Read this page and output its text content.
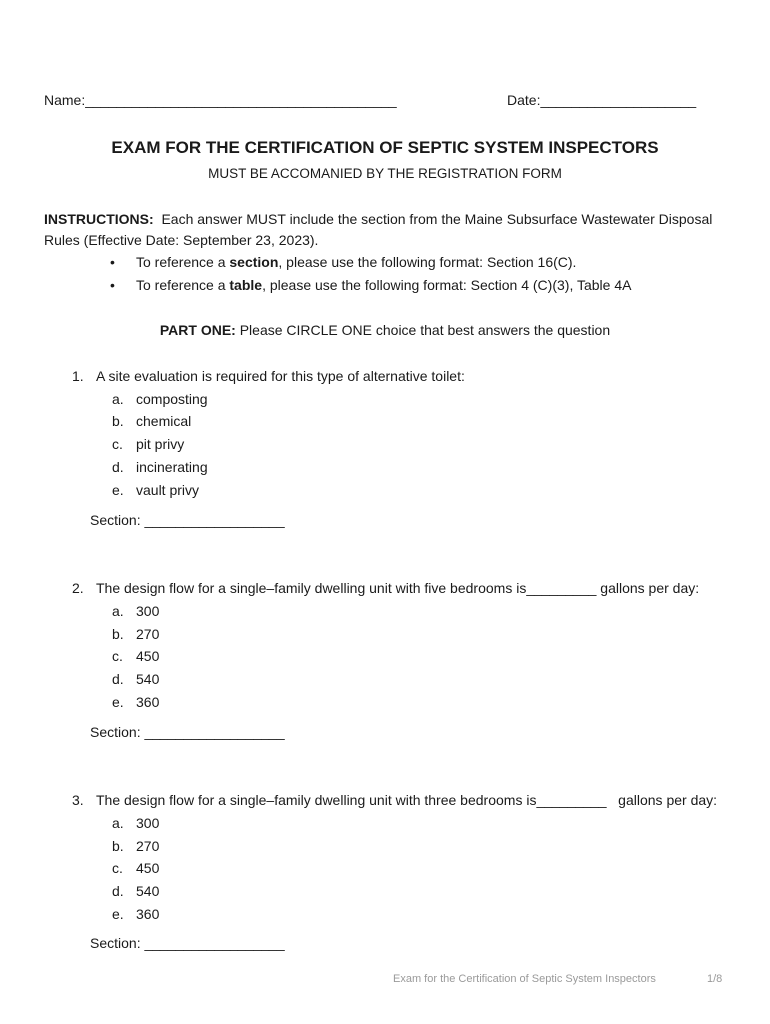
Name:________________________________________	Date:____________________
EXAM FOR THE CERTIFICATION OF SEPTIC SYSTEM INSPECTORS
MUST BE ACCOMANIED BY THE REGISTRATION FORM
INSTRUCTIONS: Each answer MUST include the section from the Maine Subsurface Wastewater Disposal Rules (Effective Date: September 23, 2023).
• To reference a section, please use the following format: Section 16(C).
• To reference a table, please use the following format: Section 4 (C)(3), Table 4A
PART ONE: Please CIRCLE ONE choice that best answers the question
1. A site evaluation is required for this type of alternative toilet:
a. composting
b. chemical
c. pit privy
d. incinerating
e. vault privy
Section: __________________
2. The design flow for a single–family dwelling unit with five bedrooms is_________ gallons per day:
a. 300
b. 270
c. 450
d. 540
e. 360
Section: __________________
3. The design flow for a single–family dwelling unit with three bedrooms is_________   gallons per day:
a. 300
b. 270
c. 450
d. 540
e. 360
Section: __________________
Exam for the Certification of Septic System Inspectors	1/8
